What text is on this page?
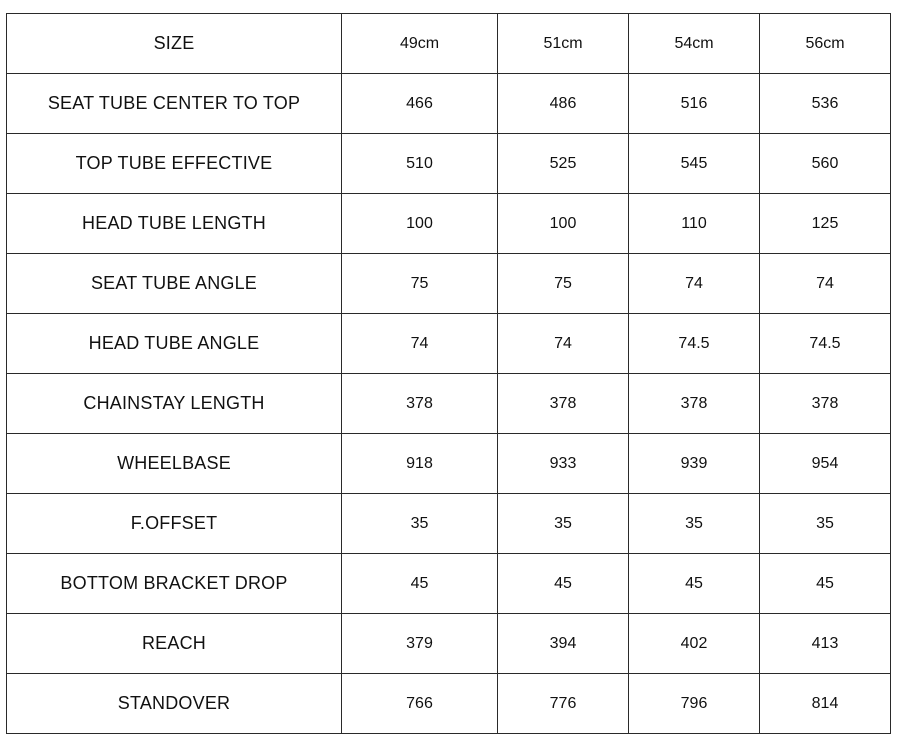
SIZE	49cm	51cm	54cm	56cm
SEAT TUBE CENTER TO TOP	466	486	516	536
TOP TUBE EFFECTIVE	510	525	545	560
HEAD TUBE LENGTH	100	100	110	125
SEAT TUBE ANGLE	75	75	74	74
HEAD TUBE ANGLE	74	74	74.5	74.5
CHAINSTAY LENGTH	378	378	378	378
WHEELBASE	918	933	939	954
F.OFFSET	35	35	35	35
BOTTOM BRACKET DROP	45	45	45	45
REACH	379	394	402	413
STANDOVER	766	776	796	814
